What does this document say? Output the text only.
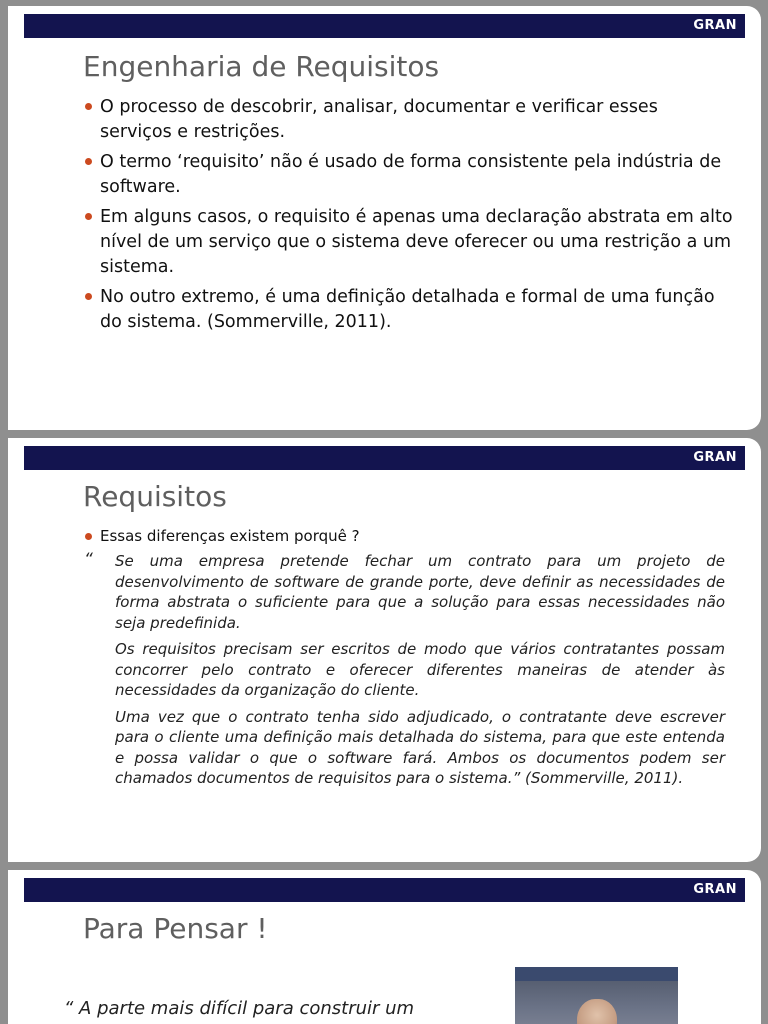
GRAN
Engenharia de Requisitos
O processo de descobrir, analisar, documentar e verificar esses serviços e restrições.
O termo ‘requisito’ não é usado de forma consistente pela indústria de software.
Em alguns casos, o requisito é apenas uma declaração abstrata em alto nível de um serviço que o sistema deve oferecer ou uma restrição a um sistema.
No outro extremo, é uma definição detalhada e formal de uma função do sistema. (Sommerville, 2011).
GRAN
Requisitos
Essas diferenças existem porquê ?
“ Se uma empresa pretende fechar um contrato para um projeto de desenvolvimento de software de grande porte, deve definir as necessidades de forma abstrata o suficiente para que a solução para essas necessidades não seja predefinida.

Os requisitos precisam ser escritos de modo que vários contratantes possam concorrer pelo contrato e oferecer diferentes maneiras de atender às necessidades da organização do cliente.

Uma vez que o contrato tenha sido adjudicado, o contratante deve escrever para o cliente uma definição mais detalhada do sistema, para que este entenda e possa validar o que o software fará. Ambos os documentos podem ser chamados documentos de requisitos para o sistema.” (Sommerville, 2011).

GRAN
Para Pensar !
“ A parte mais difícil para construir um
